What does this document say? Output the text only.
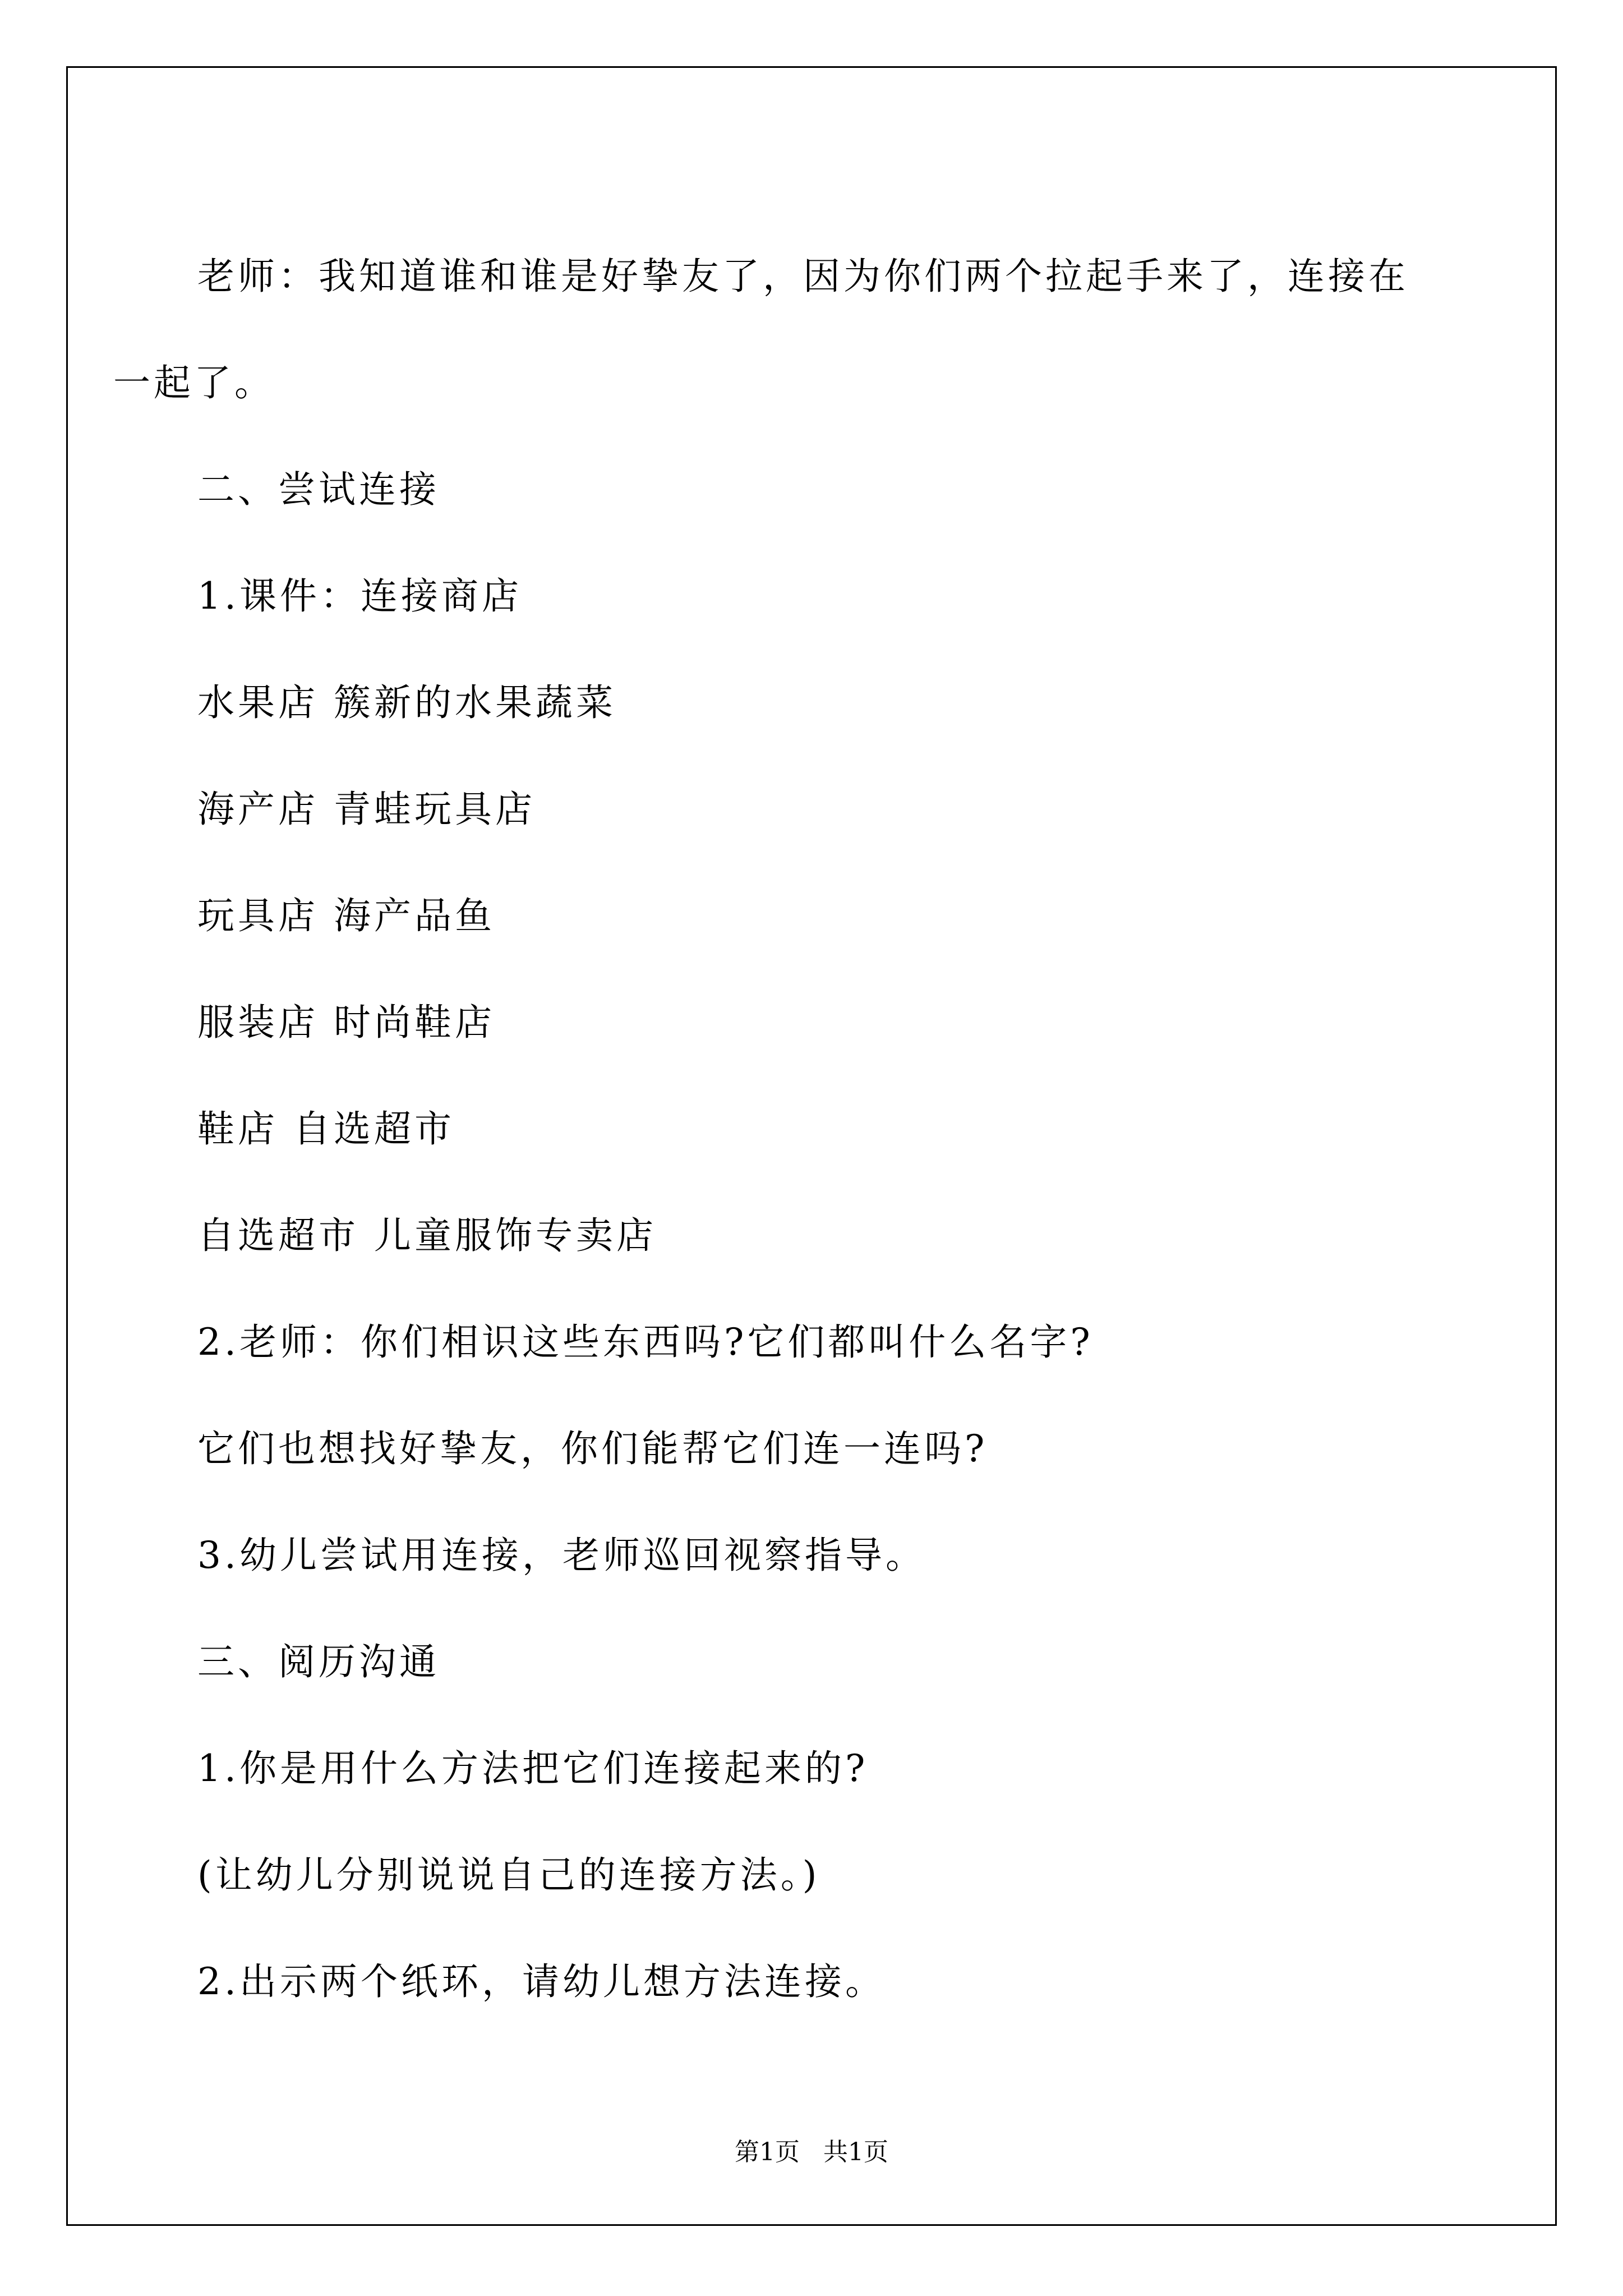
老师：我知道谁和谁是好挚友了，因为你们两个拉起手来了，连接在一起了。

二、尝试连接

1.课件：连接商店

水果店 簇新的水果蔬菜

海产店 青蛙玩具店

玩具店 海产品鱼

服装店 时尚鞋店

鞋店 自选超市

自选超市 儿童服饰专卖店

2.老师：你们相识这些东西吗?它们都叫什么名字?

它们也想找好挚友，你们能帮它们连一连吗?

3.幼儿尝试用连接，老师巡回视察指导。

三、阅历沟通

1.你是用什么方法把它们连接起来的?

(让幼儿分别说说自己的连接方法。)

2.出示两个纸环，请幼儿想方法连接。

第1页 共1页
